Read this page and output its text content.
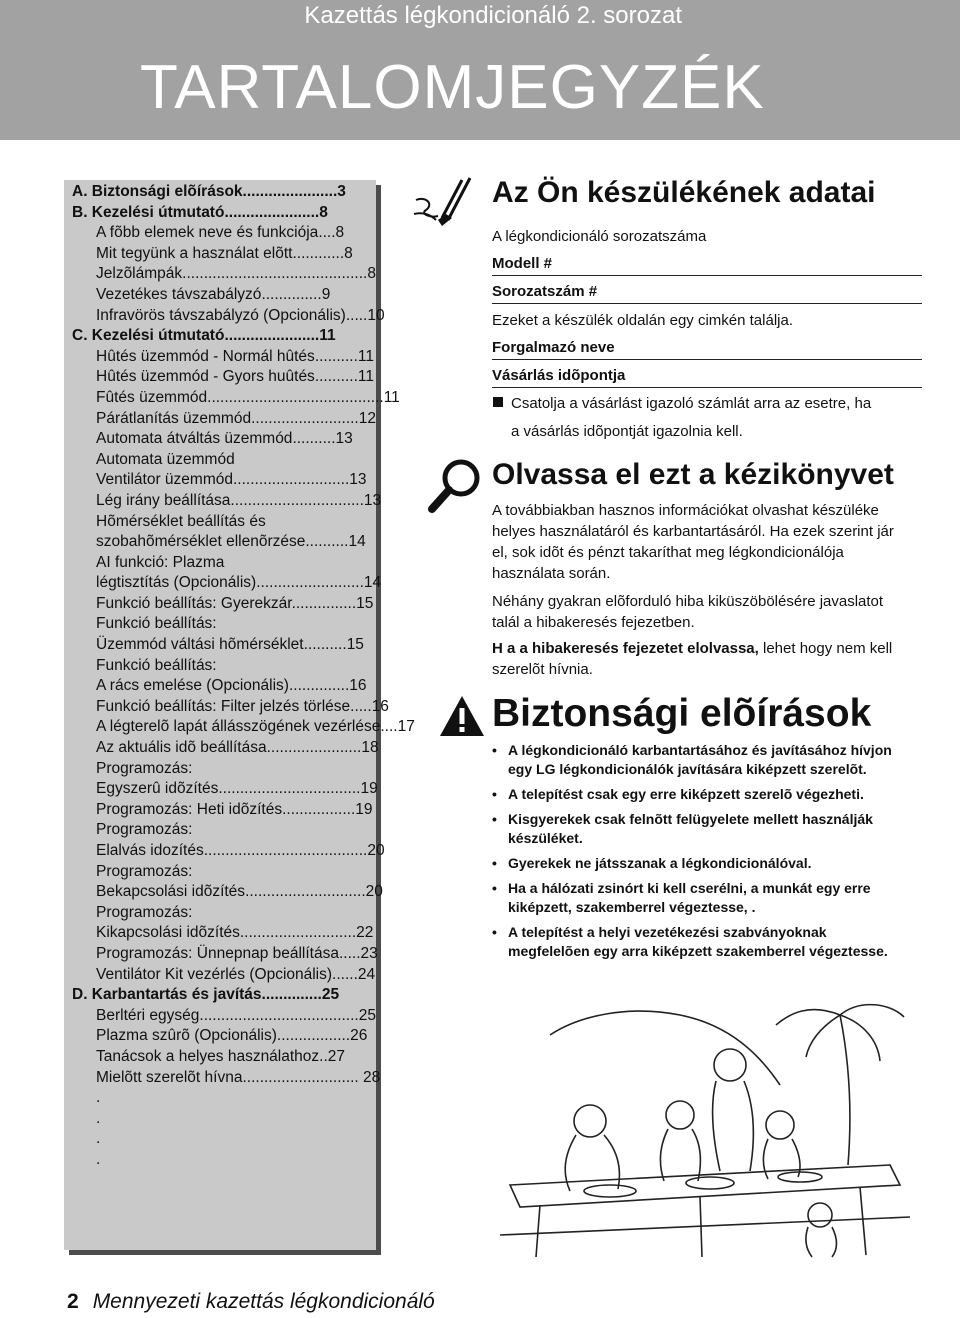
Kazettás légkondicionáló 2. sorozat
TARTALOMJEGYZÉK
A. Biztonsági elõírások......................3
B. Kezelési útmutató......................8
A fõbb elemek neve és funkciója....8
Mit tegyünk a használat elõtt............8
Jelzõlámpák...........................................8
Vezetékes távszabályzó..............9
Infravörös távszabályzó (Opcionális).....10
C. Kezelési útmutató......................11
Hûtés üzemmód - Normál hûtés..........11
Hûtés üzemmód - Gyors huûtés..........11
Fûtés üzemmód.........................................11
Párátlanítás üzemmód.........................12
Automata átváltás üzemmód..........13
Automata üzemmód
Ventilátor üzemmód...........................13
Lég irány beállítása...............................13
Hõmérséklet beállítás és
szobahõmérséklet ellenõrzése..........14
AI funkció: Plazma
légtisztítás (Opcionális).........................14
Funkció beállítás: Gyerekzár...............15
Funkció beállítás:
Üzemmód váltási hõmérséklet..........15
Funkció beállítás:
A rács emelése (Opcionális)..............16
Funkció beállítás: Filter jelzés törlése.....16
A légterelõ lapát állásszögének vezérlése....17
Az aktuális idõ beállítása......................18
Programozás:
Egyszerû idõzítés.................................19
Programozás: Heti idõzítés.................19
Programozás:
Elalvás idozítés......................................20
Programozás:
Bekapcsolási idõzítés............................20
Programozás:
Kikapcsolási idõzítés...........................22
Programozás: Ünnepnap beállítása.....23
Ventilátor Kit vezérlés (Opcionális)......24
D. Karbantartás és javítás..............25
Berltéri egység.....................................25
Plazma szûrõ (Opcionális).................26
Tanácsok a helyes használathoz..27
Mielõtt szerelõt hívna........................... 28
.
.
.
.
Az Ön készülékének adatai
A légkondicionáló sorozatszáma
Modell #
Sorozatszám #
Ezeket a készülék oldalán egy cimkén találja.
Forgalmazó neve
Vásárlás idõpontja
Csatolja a vásárlást igazoló számlát arra az esetre, ha
a vásárlás idõpontját igazolnia kell.
Olvassa el ezt a kézikönyvet
A továbbiakban hasznos információkat olvashat készüléke helyes használatáról és karbantartásáról. Ha ezek szerint jár el, sok idõt és pénzt takaríthat meg légkondicionálója használata során.
Néhány gyakran elõforduló hiba kiküszöbölésére javaslatot talál a hibakeresés fejezetben.
H a a hibakeresés fejezetet elolvassa, lehet hogy nem kell szerelõt hívnia.
Biztonsági elõírások
• A légkondicionáló karbantartásához és javításához hívjon egy LG légkondicionálók javítására kiképzett szerelõt.
• A telepítést csak egy erre kiképzett szerelõ végezheti.
• Kisgyerekek csak felnõtt felügyelete mellett használják készüléket.
• Gyerekek ne játsszanak a légkondicionálóval.
• Ha a hálózati zsinórt ki kell cserélni, a munkát egy erre kiképzett, szakemberrel végeztesse, .
• A telepítést a helyi vezetékezési szabványoknak megfelelõen egy arra kiképzett szakemberrel végeztesse.
2 Mennyezeti kazettás légkondicionáló
